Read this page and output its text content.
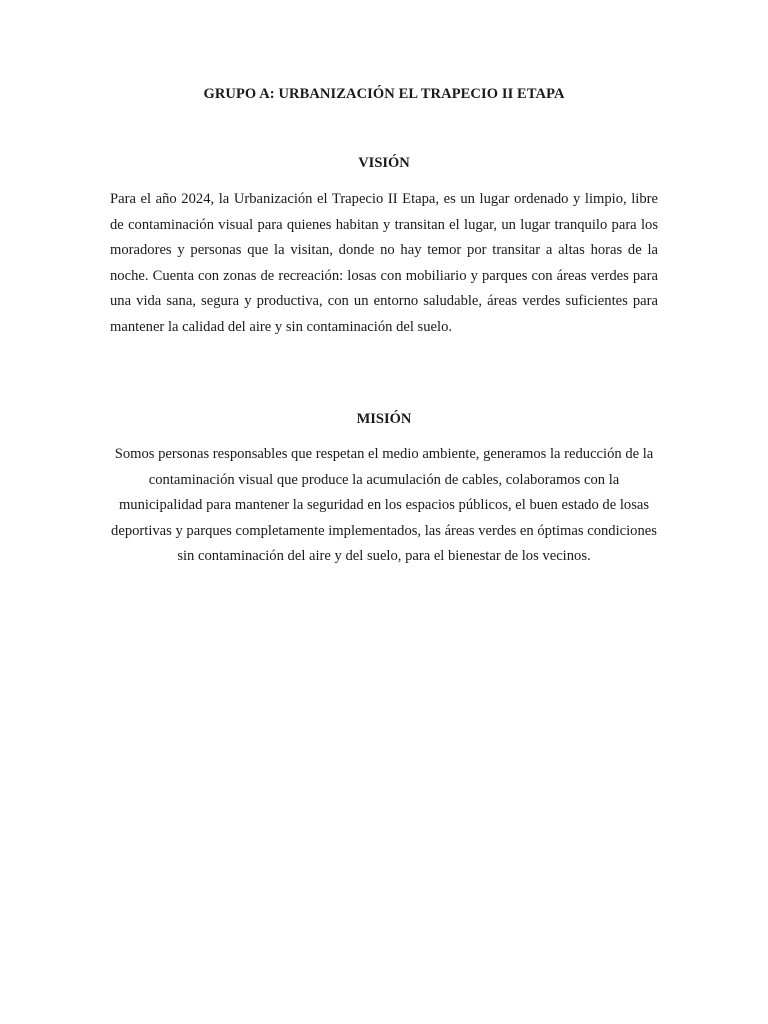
GRUPO A: URBANIZACIÓN EL TRAPECIO II ETAPA
VISIÓN

Para el año 2024, la Urbanización el Trapecio II Etapa, es un lugar ordenado y limpio, libre de contaminación visual para quienes habitan y transitan el lugar, un lugar tranquilo para los moradores y personas que la visitan, donde no hay temor por transitar a altas horas de la noche. Cuenta con zonas de recreación: losas con mobiliario y parques con áreas verdes para una vida sana, segura y productiva, con un entorno saludable, áreas verdes suficientes para mantener la calidad del aire y sin contaminación del suelo.

MISIÓN

Somos personas responsables que respetan el medio ambiente, generamos la reducción de la contaminación visual que produce la acumulación de cables, colaboramos con la municipalidad para mantener la seguridad en los espacios públicos, el buen estado de losas deportivas y parques completamente implementados, las áreas verdes en óptimas condiciones sin contaminación del aire y del suelo, para el bienestar de los vecinos.
